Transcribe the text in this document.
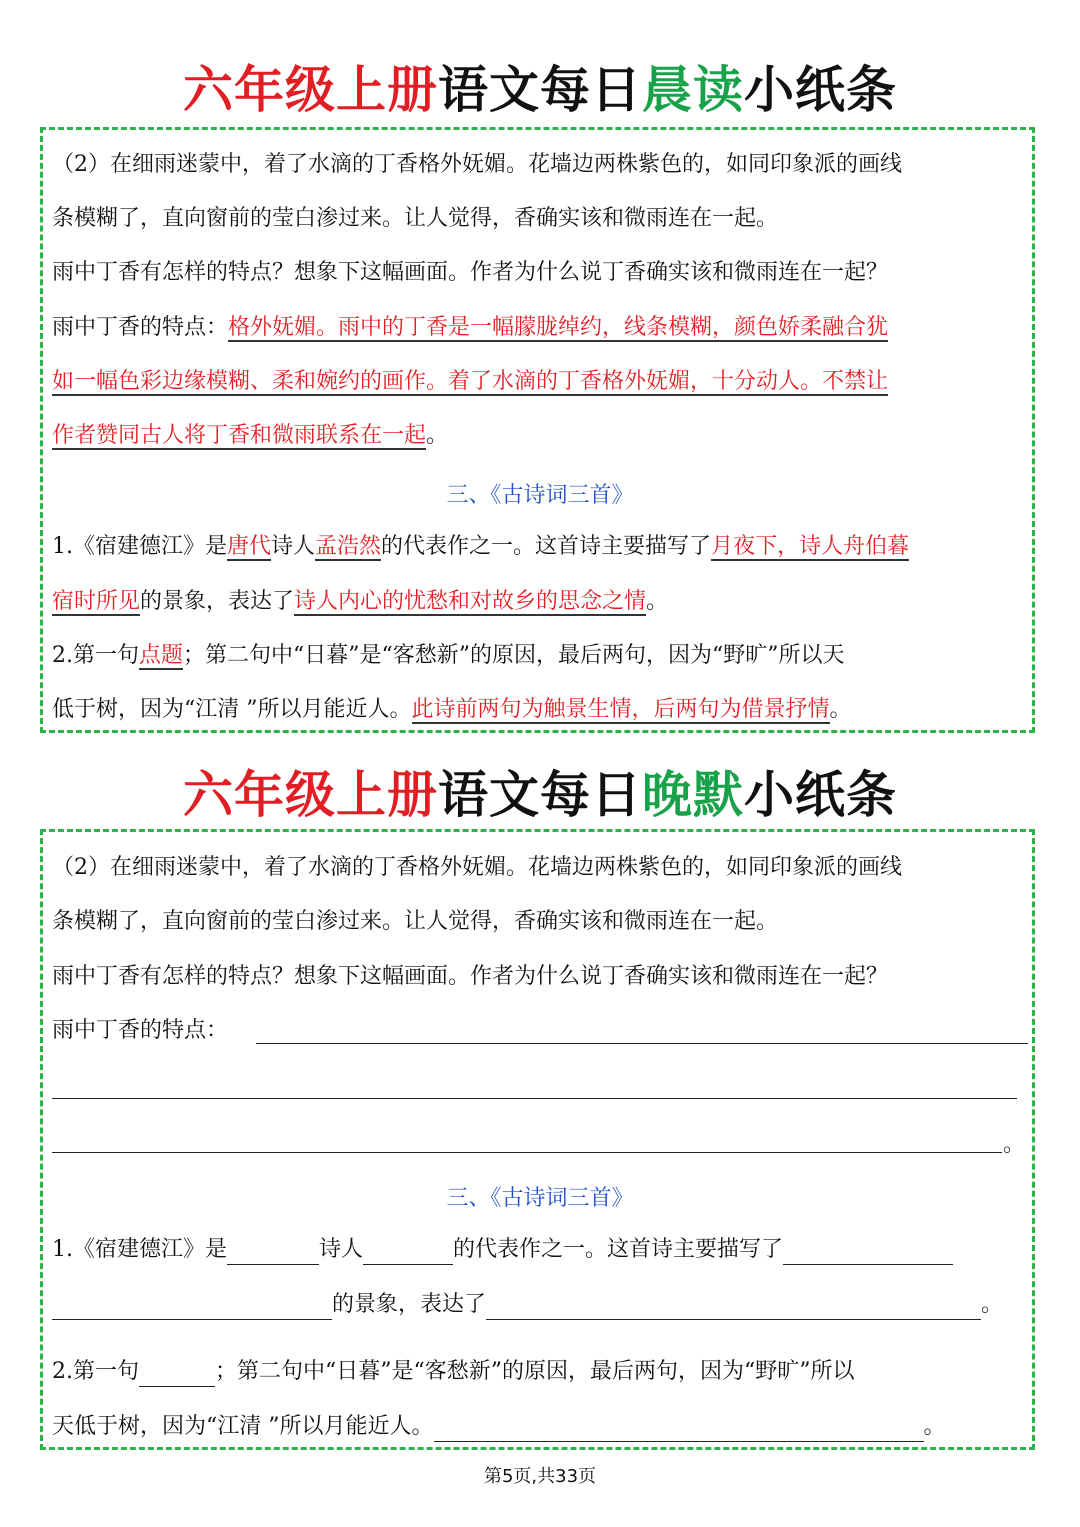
六年级上册语文每日晨读小纸条
（2）在细雨迷蒙中，着了水滴的丁香格外妩媚。花墙边两株紫色的，如同印象派的画线
条模糊了，直向窗前的莹白渗过来。让人觉得，香确实该和微雨连在一起。
雨中丁香有怎样的特点？想象下这幅画面。作者为什么说丁香确实该和微雨连在一起？
雨中丁香的特点：格外妩媚。雨中的丁香是一幅朦胧绰约，线条模糊，颜色娇柔融合犹
如一幅色彩边缘模糊、柔和婉约的画作。着了水滴的丁香格外妩媚，十分动人。不禁让
作者赞同古人将丁香和微雨联系在一起。
三、《古诗词三首》
1.《宿建德江》是唐代诗人孟浩然的代表作之一。这首诗主要描写了月夜下，诗人舟伯暮
宿时所见的景象，表达了诗人内心的忧愁和对故乡的思念之情。
2.第一句点题；第二句中“日暮”是“客愁新”的原因，最后两句，因为“野旷”所以天
低于树，因为“江清 ”所以月能近人。此诗前两句为触景生情，后两句为借景抒情。
六年级上册语文每日晚默小纸条
（2）在细雨迷蒙中，着了水滴的丁香格外妩媚。花墙边两株紫色的，如同印象派的画线
条模糊了，直向窗前的莹白渗过来。让人觉得，香确实该和微雨连在一起。
雨中丁香有怎样的特点？想象下这幅画面。作者为什么说丁香确实该和微雨连在一起？
雨中丁香的特点：
。
三、《古诗词三首》
1.《宿建德江》是	诗人	的代表作之一。这首诗主要描写了
的景象，表达了	。
2.第一句	；第二句中“日暮”是“客愁新”的原因，最后两句，因为“野旷”所以
天低于树，因为“江清 ”所以月能近人。	。
第5页,共33页
